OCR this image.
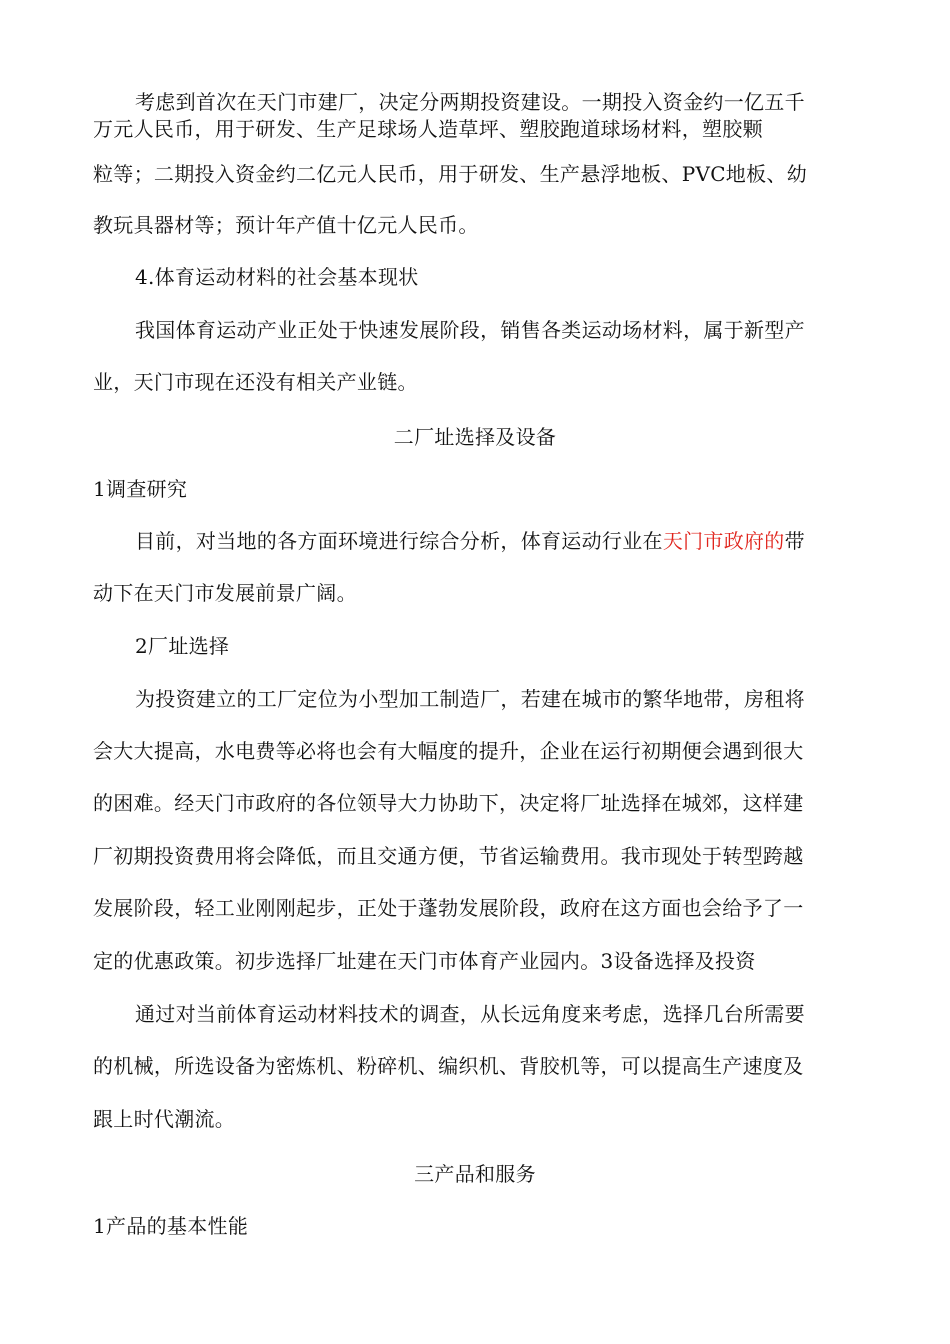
考虑到首次在天门市建厂，决定分两期投资建设。一期投入资金约一亿五千
万元人民币，用于研发、生产足球场人造草坪、塑胶跑道球场材料，塑胶颗
粒等；二期投入资金约二亿元人民币，用于研发、生产悬浮地板、PVC地板、幼
教玩具器材等；预计年产值十亿元人民币。
4.体育运动材料的社会基本现状
我国体育运动产业正处于快速发展阶段，销售各类运动场材料，属于新型产
业，天门市现在还没有相关产业链。
二厂址选择及设备
1调查研究
目前，对当地的各方面环境进行综合分析，体育运动行业在天门市政府的带
动下在天门市发展前景广阔。
2厂址选择
为投资建立的工厂定位为小型加工制造厂，若建在城市的繁华地带，房租将
会大大提高，水电费等必将也会有大幅度的提升，企业在运行初期便会遇到很大
的困难。经天门市政府的各位领导大力协助下，决定将厂址选择在城郊，这样建
厂初期投资费用将会降低，而且交通方便，节省运输费用。我市现处于转型跨越
发展阶段，轻工业刚刚起步，正处于蓬勃发展阶段，政府在这方面也会给予了一
定的优惠政策。初步选择厂址建在天门市体育产业园内。3设备选择及投资
通过对当前体育运动材料技术的调查，从长远角度来考虑，选择几台所需要
的机械，所选设备为密炼机、粉碎机、编织机、背胶机等，可以提高生产速度及
跟上时代潮流。
三产品和服务
1产品的基本性能
